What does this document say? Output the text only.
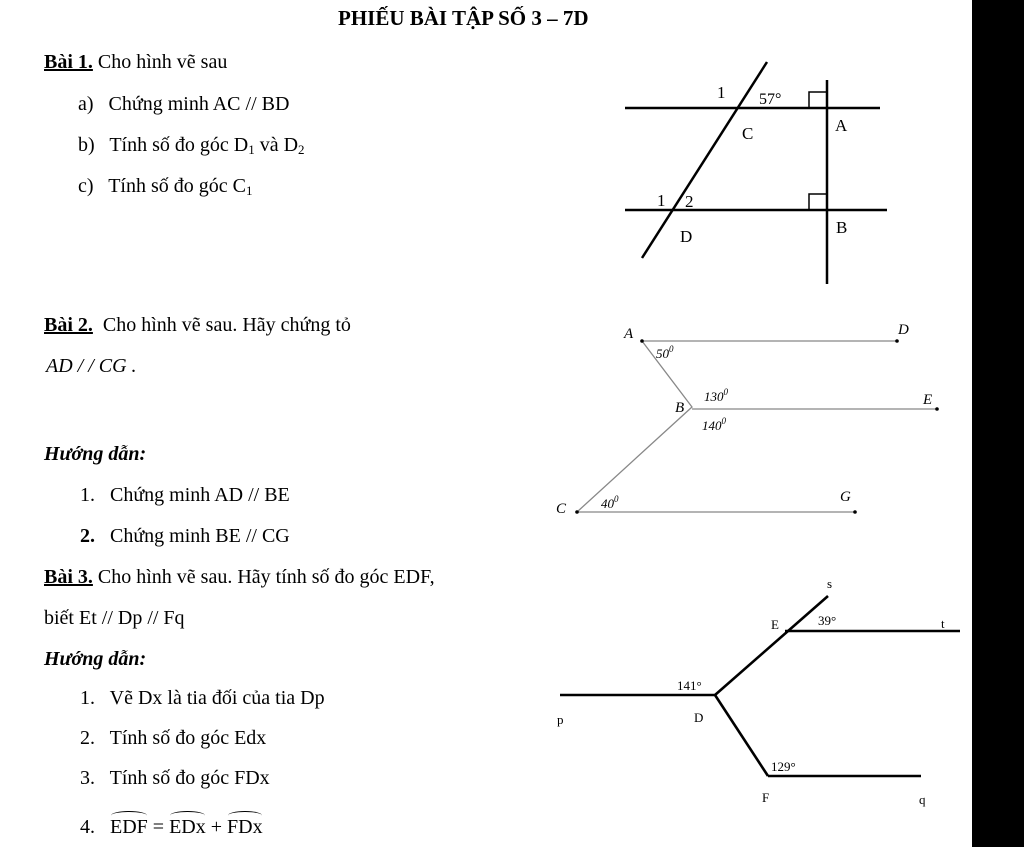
PHIẾU BÀI TẬP SỐ 3 – 7D
Bài 1. Cho hình vẽ sau
a) Chứng minh AC // BD
b) Tính số đo góc $D_1$ và $D_2$
c) Tính số đo góc $C_1$
Bài 2. Cho hình vẽ sau. Hãy chứng tỏ
AD / / CG .
Hướng dẫn:
1. Chứng minh AD // BE
2. Chứng minh BE // CG
Bài 3. Cho hình vẽ sau. Hãy tính số đo góc EDF,
biết Et // Dp // Fq
Hướng dẫn:
1. Vẽ Dx là tia đối của tia Dp
2. Tính số đo góc Edx
3. Tính số đo góc FDx
4. EDF = EDx + FDx
1 57°
C	A
1 2
D	B
A	D
B	E
C
G
$50^0$
$130^0$
$140^0$
$40^0$
s
E	39°	t
141°
p	D
129°
F	q
